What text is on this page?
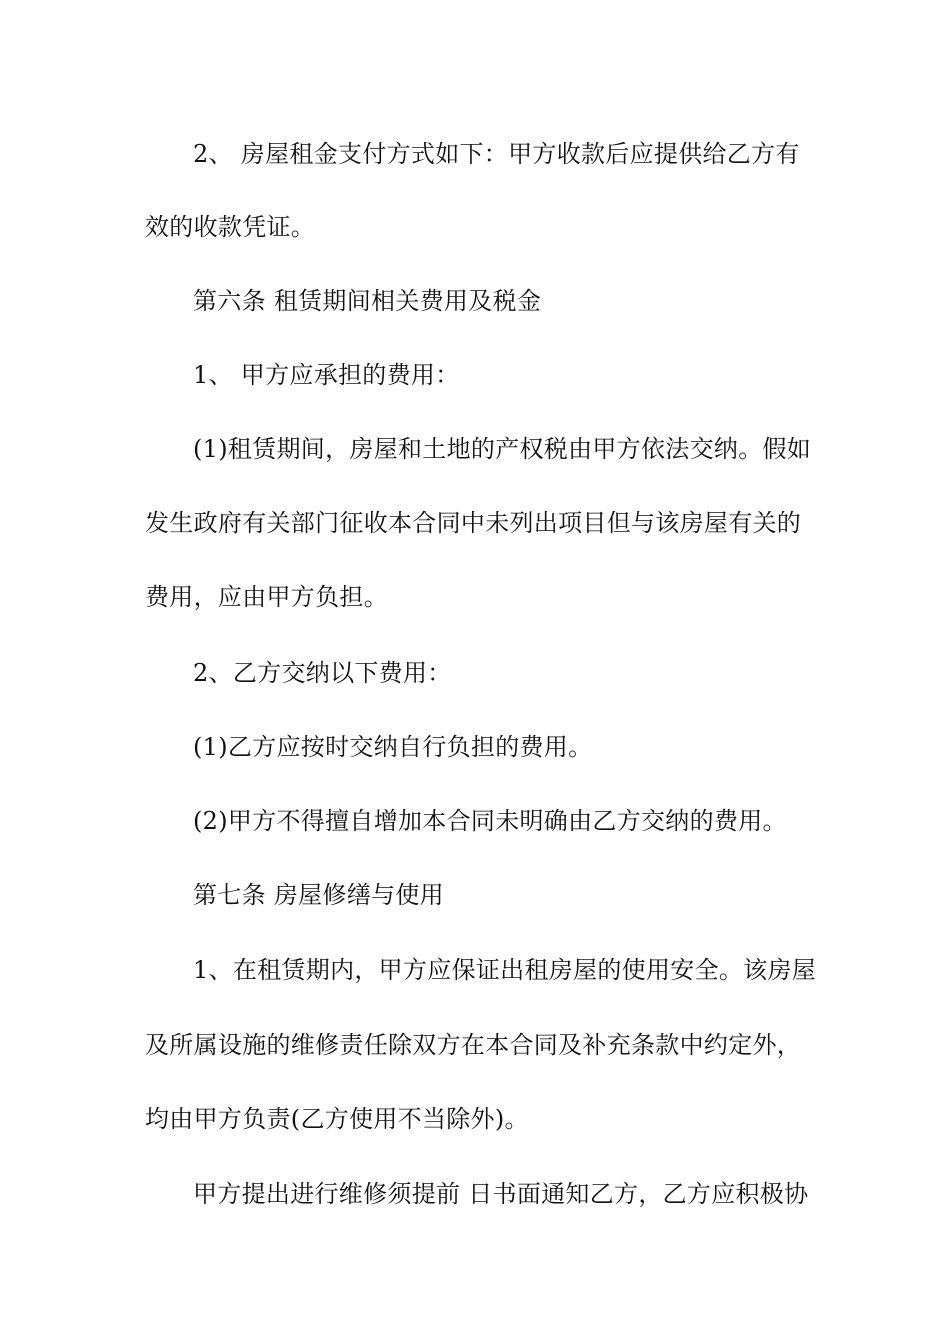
2、 房屋租金支付方式如下：甲方收款后应提供给乙方有
效的收款凭证。
第六条 租赁期间相关费用及税金
1、 甲方应承担的费用：
(1)租赁期间，房屋和土地的产权税由甲方依法交纳。假如
发生政府有关部门征收本合同中未列出项目但与该房屋有关的
费用，应由甲方负担。
2、乙方交纳以下费用：
(1)乙方应按时交纳自行负担的费用。
(2)甲方不得擅自增加本合同未明确由乙方交纳的费用。
第七条 房屋修缮与使用
1、在租赁期内，甲方应保证出租房屋的使用安全。该房屋
及所属设施的维修责任除双方在本合同及补充条款中约定外，
均由甲方负责(乙方使用不当除外)。
甲方提出进行维修须提前 日书面通知乙方，乙方应积极协
